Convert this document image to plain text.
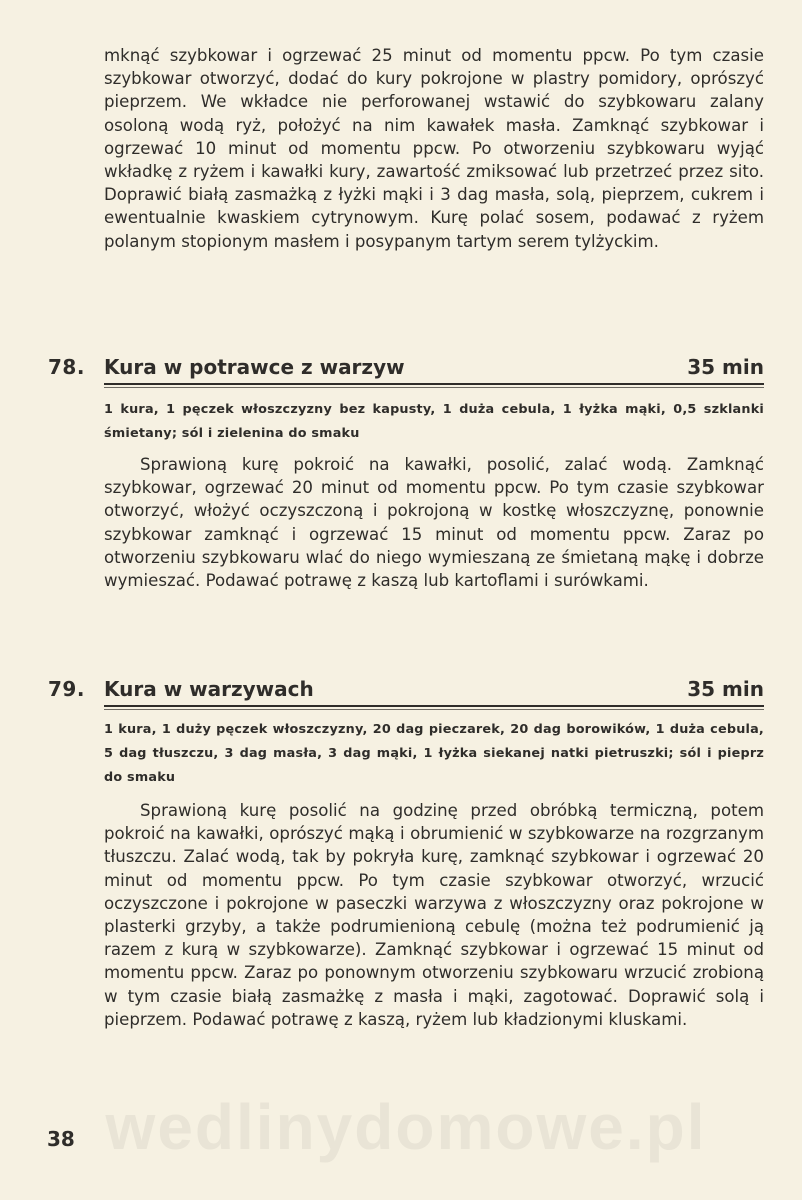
mknąć szybkowar i ogrzewać 25 minut od momentu ppcw. Po tym czasie szybkowar otworzyć, dodać do kury pokrojone w plastry pomidory, oprószyć pieprzem. We wkładce nie perforowanej wstawić do szybkowaru zalany osoloną wodą ryż, położyć na nim kawałek masła. Zamknąć szybkowar i ogrzewać 10 minut od momentu ppcw. Po otworzeniu szybkowaru wyjąć wkładkę z ryżem i kawałki kury, zawartość zmiksować lub przetrzeć przez sito. Doprawić białą zasmażką z łyżki mąki i 3 dag masła, solą, pieprzem, cukrem i ewentualnie kwaskiem cytrynowym. Kurę polać sosem, podawać z ryżem polanym stopionym masłem i posypanym tartym serem tylżyckim.

78. Kura w potrawce z warzyw	35 min

1 kura, 1 pęczek włoszczyzny bez kapusty, 1 duża cebula, 1 łyżka mąki, 0,5 szklanki śmietany; sól i zielenina do smaku

Sprawioną kurę pokroić na kawałki, posolić, zalać wodą. Zamknąć szybkowar, ogrzewać 20 minut od momentu ppcw. Po tym czasie szybkowar otworzyć, włożyć oczyszczoną i pokrojoną w kostkę włoszczyznę, ponownie szybkowar zamknąć i ogrzewać 15 minut od momentu ppcw. Zaraz po otworzeniu szybkowaru wlać do niego wymieszaną ze śmietaną mąkę i dobrze wymieszać. Podawać potrawę z kaszą lub kartoflami i surówkami.

79. Kura w warzywach	35 min

1 kura, 1 duży pęczek włoszczyzny, 20 dag pieczarek, 20 dag borowików, 1 duża cebula, 5 dag tłuszczu, 3 dag masła, 3 dag mąki, 1 łyżka siekanej natki pietruszki; sól i pieprz do smaku

Sprawioną kurę posolić na godzinę przed obróbką termiczną, potem pokroić na kawałki, oprószyć mąką i obrumienić w szybkowarze na rozgrzanym tłuszczu. Zalać wodą, tak by pokryła kurę, zamknąć szybkowar i ogrzewać 20 minut od momentu ppcw. Po tym czasie szybkowar otworzyć, wrzucić oczyszczone i pokrojone w paseczki warzywa z włoszczyzny oraz pokrojone w plasterki grzyby, a także podrumienioną cebulę (można też podrumienić ją razem z kurą w szybkowarze). Zamknąć szybkowar i ogrzewać 15 minut od momentu ppcw. Zaraz po ponownym otworzeniu szybkowaru wrzucić zrobioną w tym czasie białą zasmażkę z masła i mąki, zagotować. Doprawić solą i pieprzem. Podawać potrawę z kaszą, ryżem lub kładzionymi kluskami.

wedlinydomowe.pl
38
